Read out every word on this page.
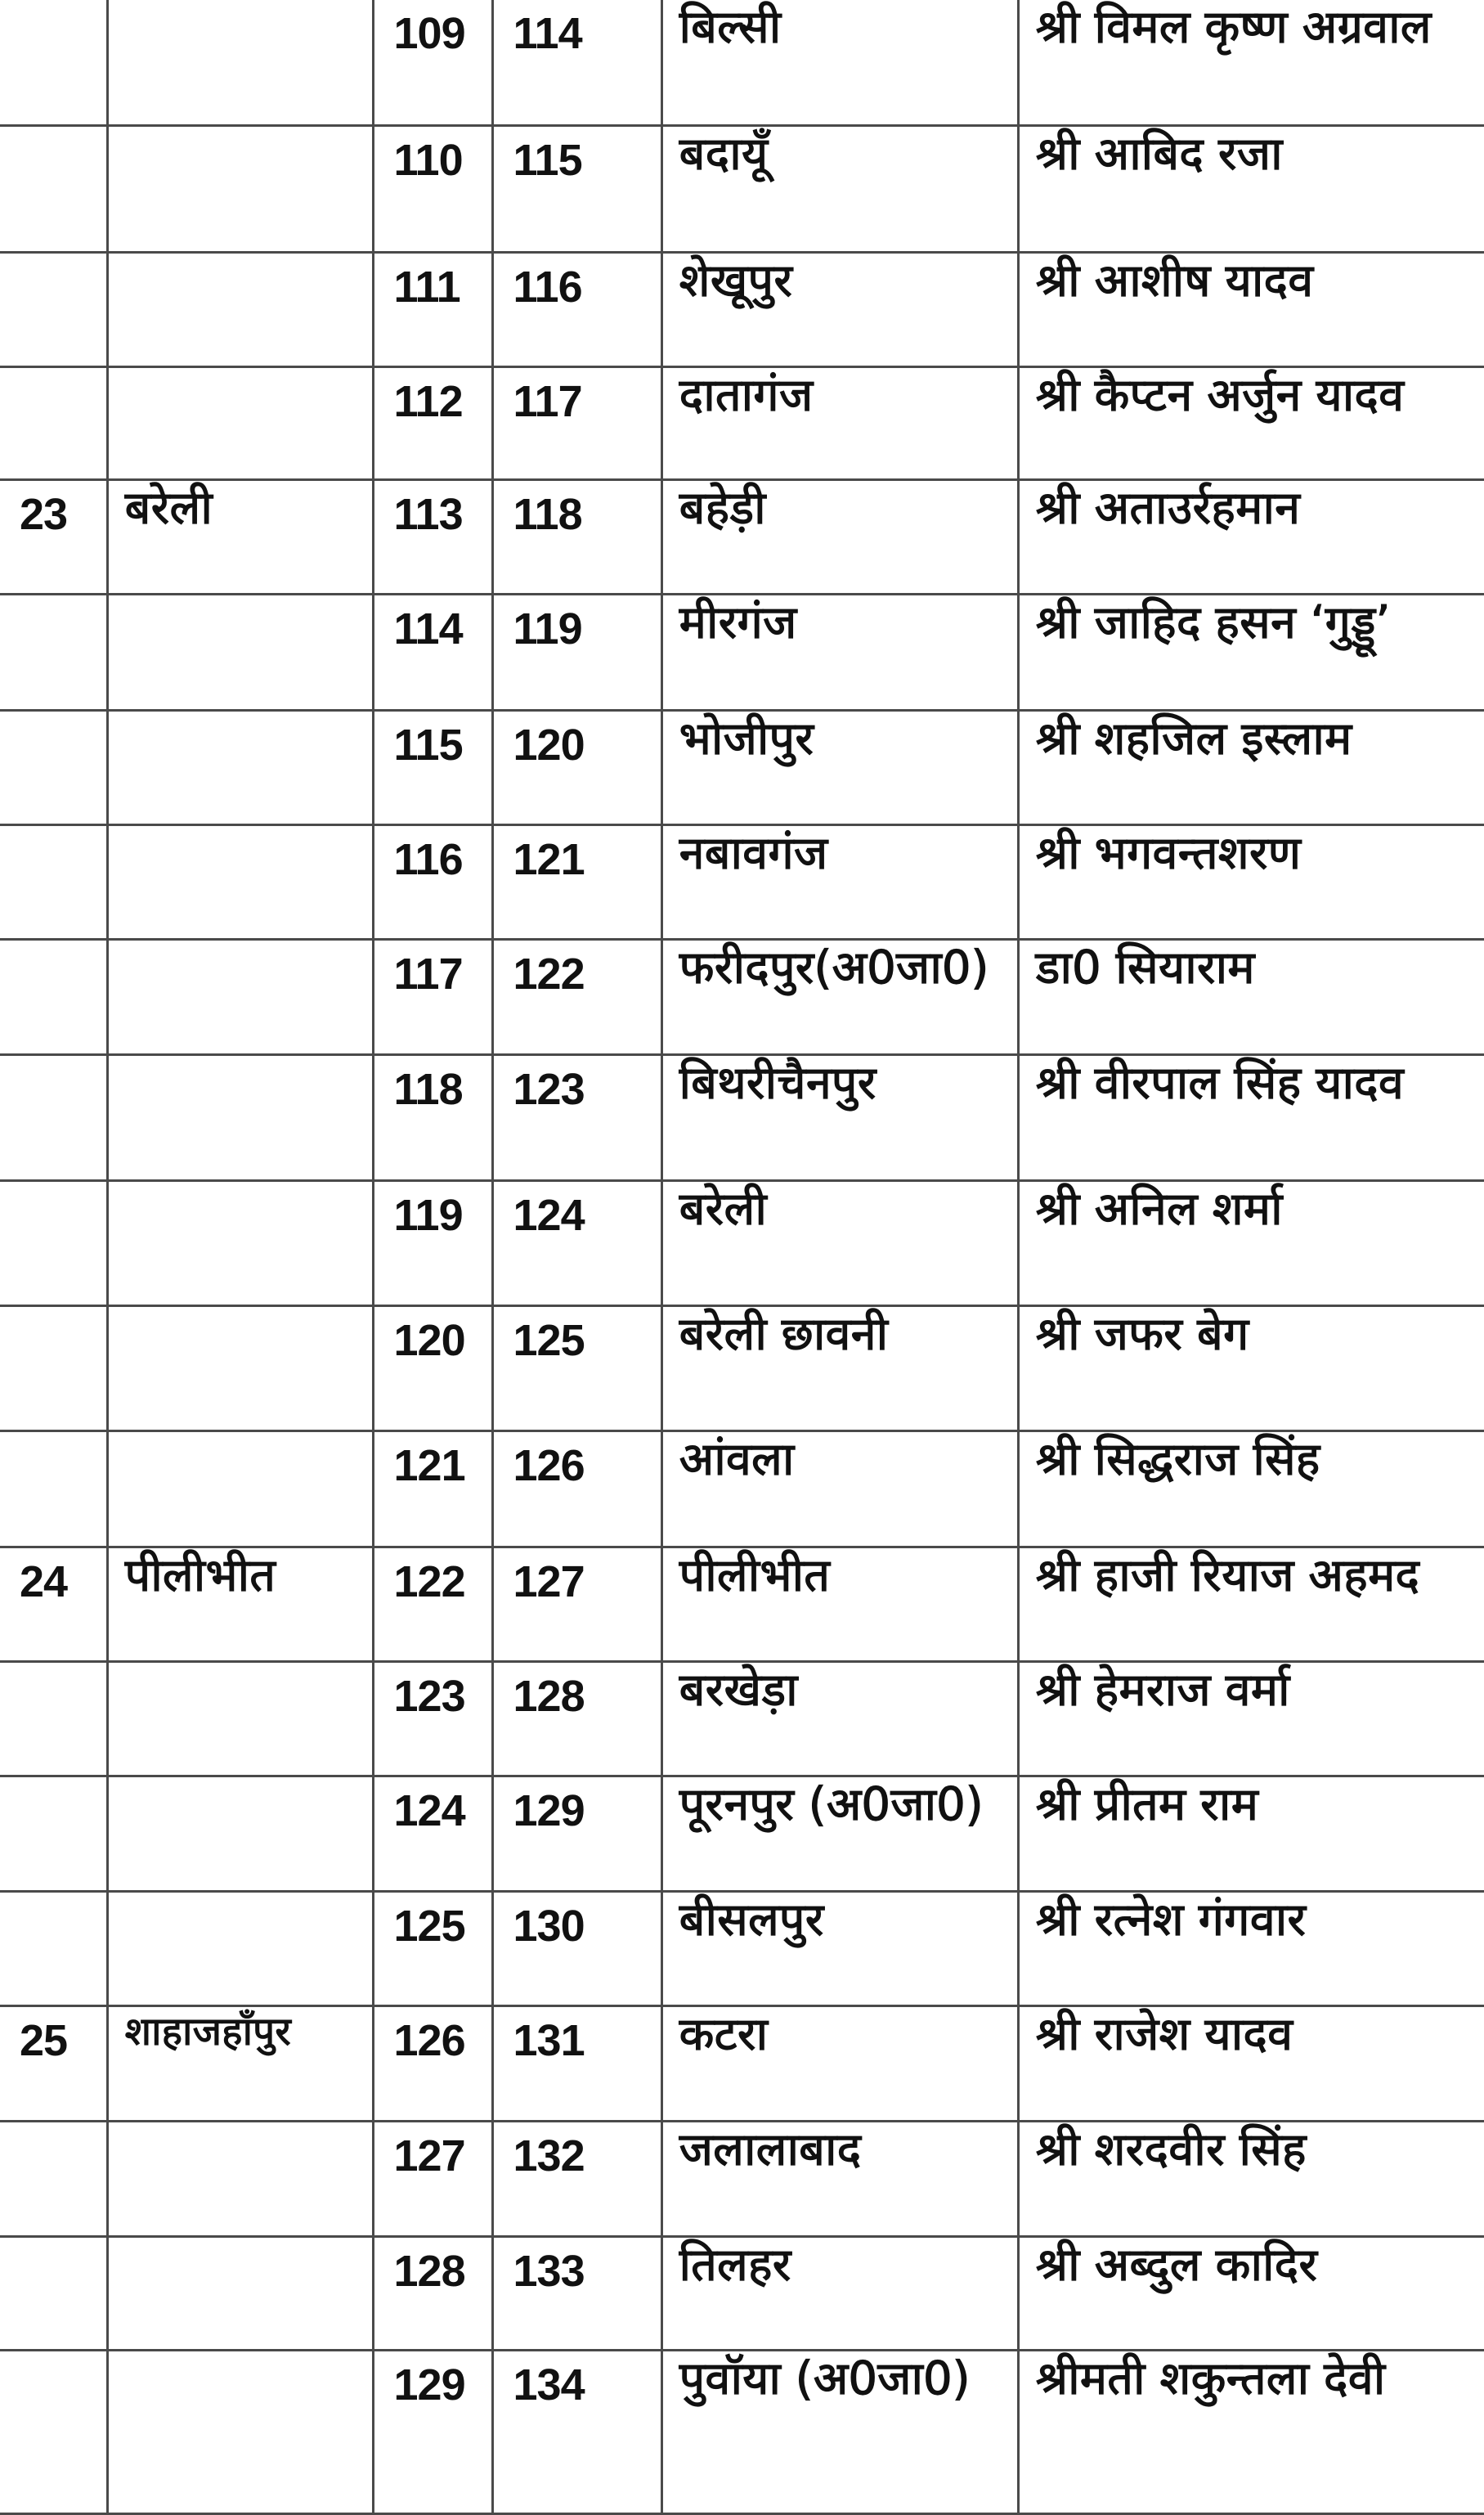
		109	114	बिल्सी	श्री विमल कृष्ण अग्रवाल
		110	115	बदायूँ	श्री आबिद रजा
		111	116	शेखूपुर	श्री आशीष यादव
		112	117	दातागंज	श्री कैप्टन अर्जुन यादव
23	बरेली	113	118	बहेड़ी	श्री अताउर्रहमान
		114	119	मीरगंज	श्री जाहिद हसन ‘गुड्डू’
		115	120	भोजीपुर	श्री शहजिल इस्लाम
		116	121	नबावगंज	श्री भगवन्तशरण
		117	122	फरीदपुर(अ0जा0)	डा0 सियाराम
		118	123	बिथरीचैनपुर	श्री वीरपाल सिंह यादव
		119	124	बरेली	श्री अनिल शर्मा
		120	125	बरेली छावनी	श्री जफर बेग
		121	126	आंवला	श्री सिद्धराज सिंह
24	पीलीभीत	122	127	पीलीभीत	श्री हाजी रियाज अहमद
		123	128	बरखेड़ा	श्री हेमराज वर्मा
		124	129	पूरनपुर (अ0जा0)	श्री प्रीतम राम
		125	130	बीसलपुर	श्री रत्नेश गंगवार
25	शाहाजहाँपुर	126	131	कटरा	श्री राजेश यादव
		127	132	जलालाबाद	श्री शरदवीर सिंह
		128	133	तिलहर	श्री अब्दुल कादिर
		129	134	पुवॉया (अ0जा0)	श्रीमती शकुन्तला देवी
